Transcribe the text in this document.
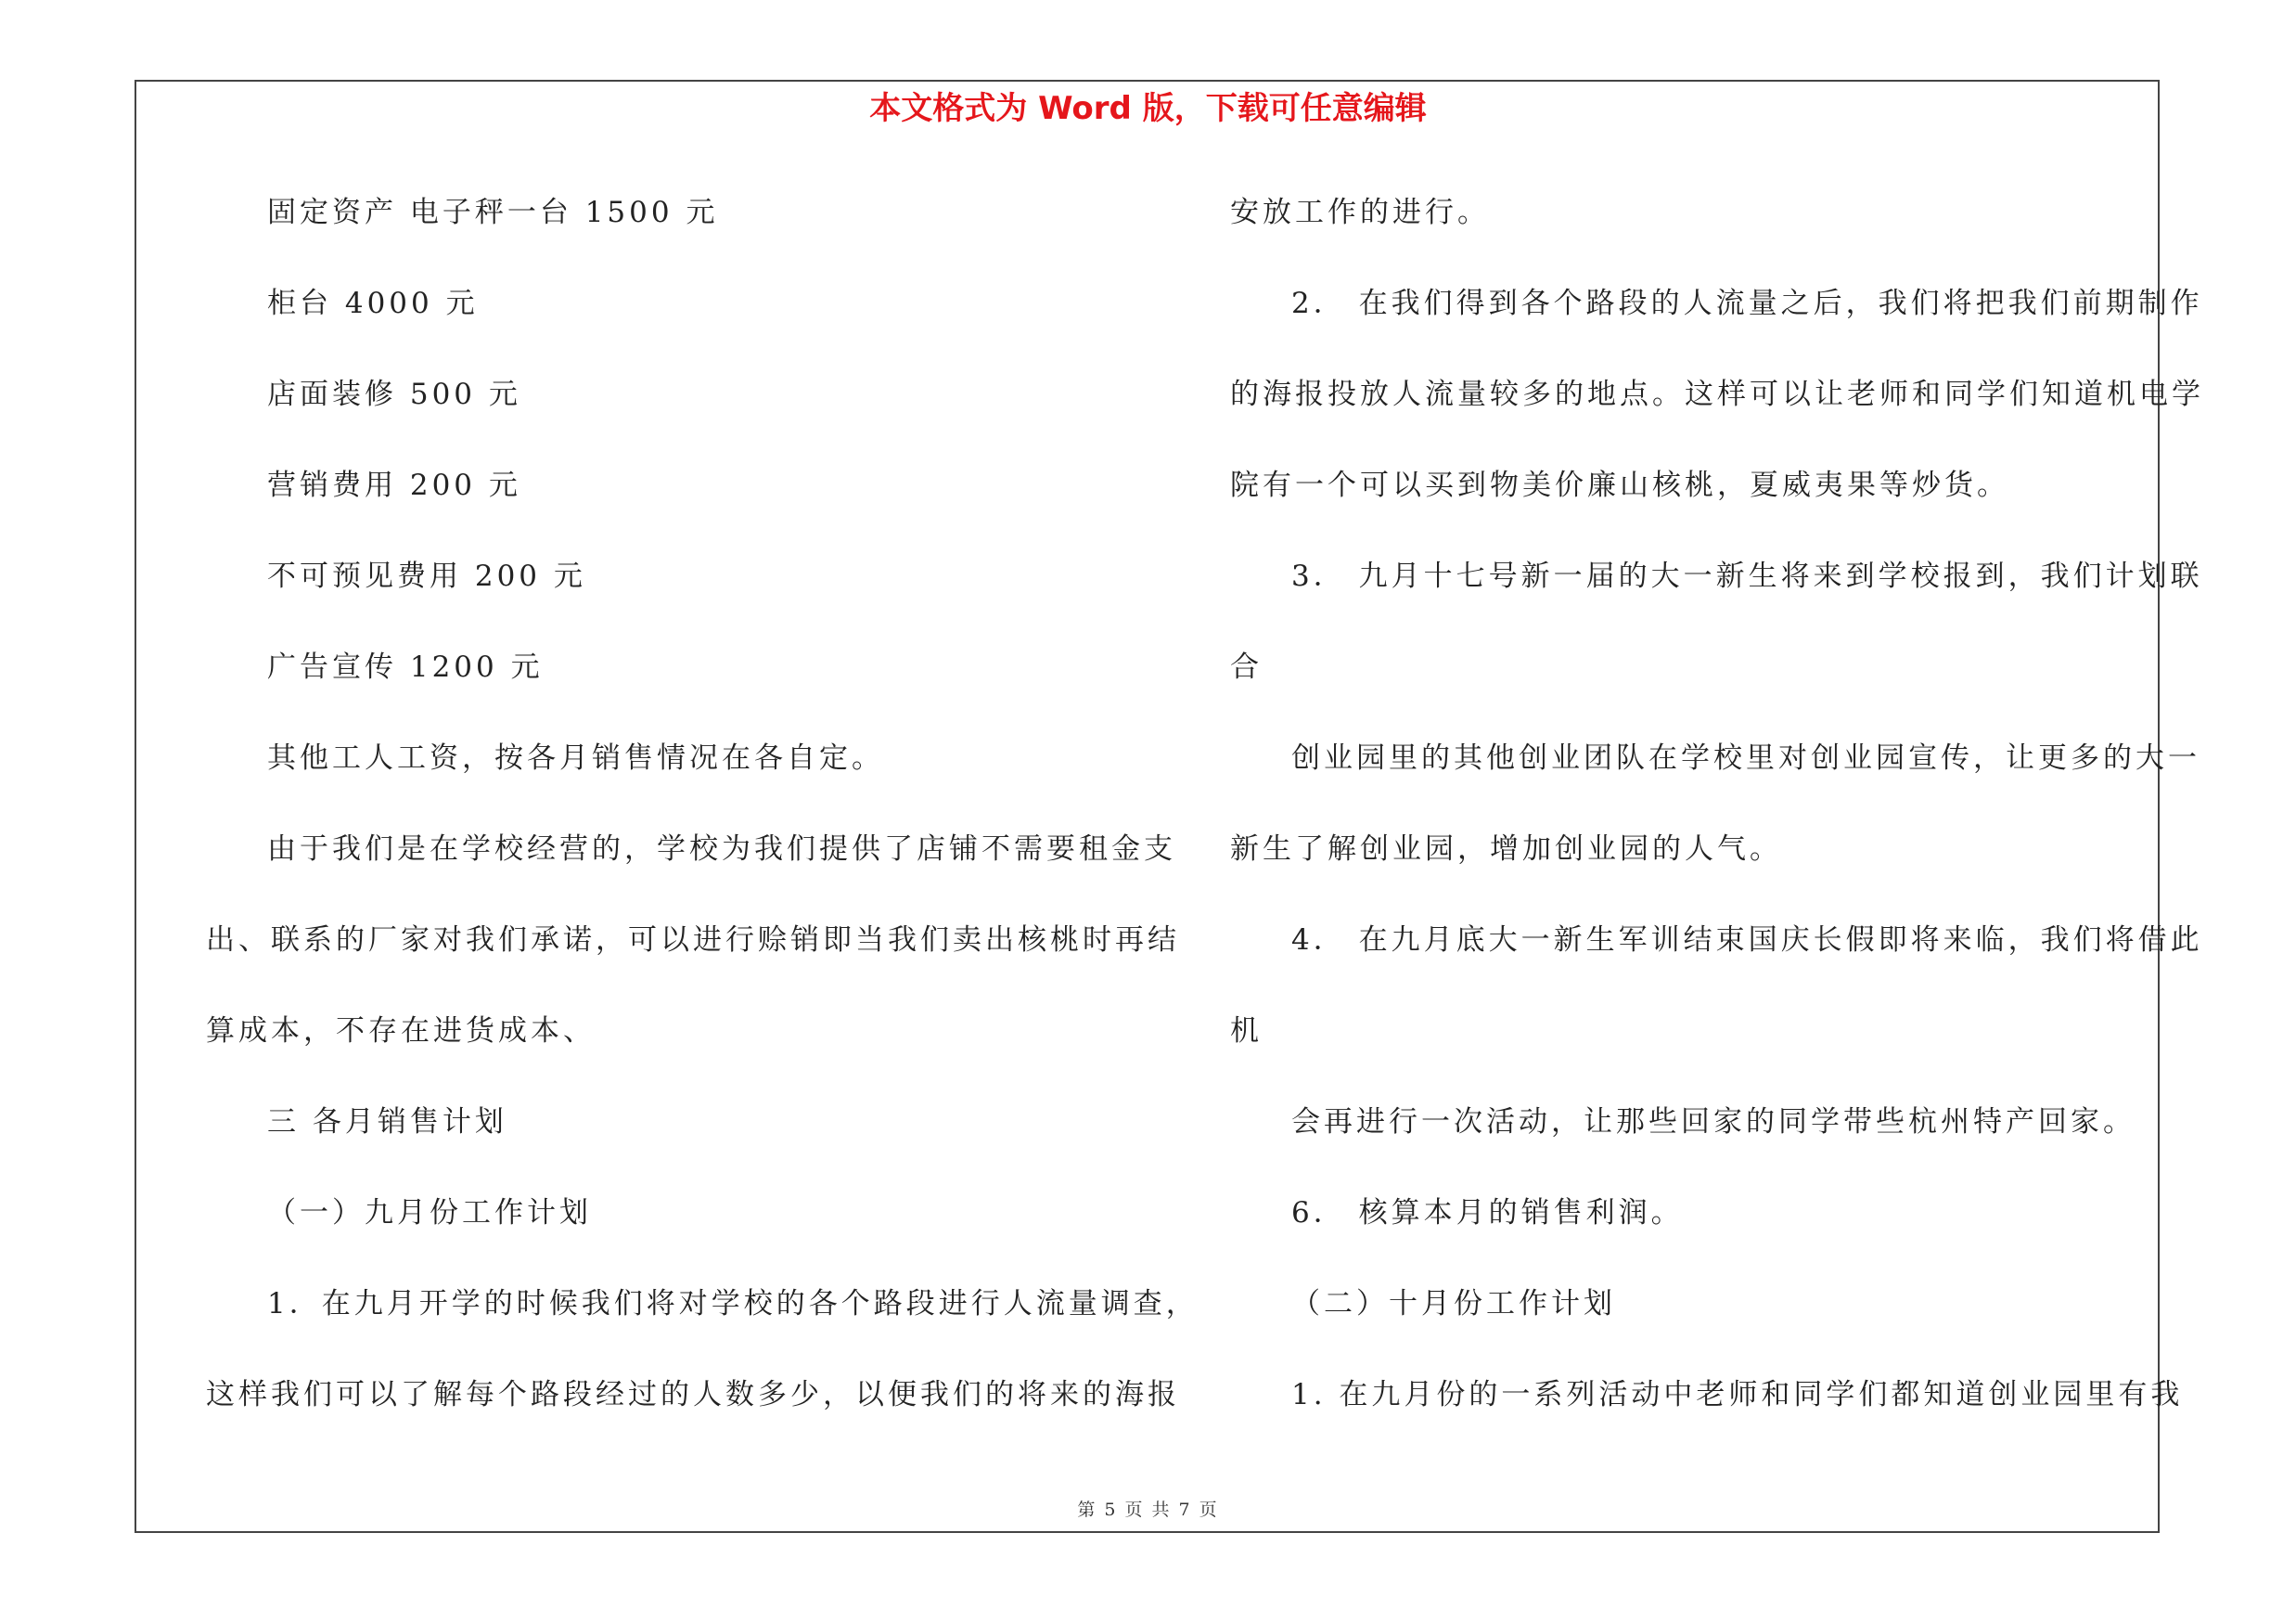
本文格式为 Word 版，下载可任意编辑
固定资产 电子秤一台 1500 元
柜台 4000 元
店面装修 500 元
营销费用 200 元
不可预见费用 200 元
广告宣传 1200 元
其他工人工资，按各月销售情况在各自定。
由于我们是在学校经营的，学校为我们提供了店铺不需要租金支
出、联系的厂家对我们承诺，可以进行赊销即当我们卖出核桃时再结
算成本，不存在进货成本、
三 各月销售计划
（一）九月份工作计划
1．在九月开学的时候我们将对学校的各个路段进行人流量调查，
这样我们可以了解每个路段经过的人数多少，以便我们的将来的海报
安放工作的进行。
2． 在我们得到各个路段的人流量之后，我们将把我们前期制作
的海报投放人流量较多的地点。这样可以让老师和同学们知道机电学
院有一个可以买到物美价廉山核桃，夏威夷果等炒货。
3． 九月十七号新一届的大一新生将来到学校报到，我们计划联
合
创业园里的其他创业团队在学校里对创业园宣传，让更多的大一
新生了解创业园，增加创业园的人气。
4． 在九月底大一新生军训结束国庆长假即将来临，我们将借此
机
会再进行一次活动，让那些回家的同学带些杭州特产回家。
6． 核算本月的销售利润。
（二）十月份工作计划
1. 在九月份的一系列活动中老师和同学们都知道创业园里有我
第 5 页 共 7 页
